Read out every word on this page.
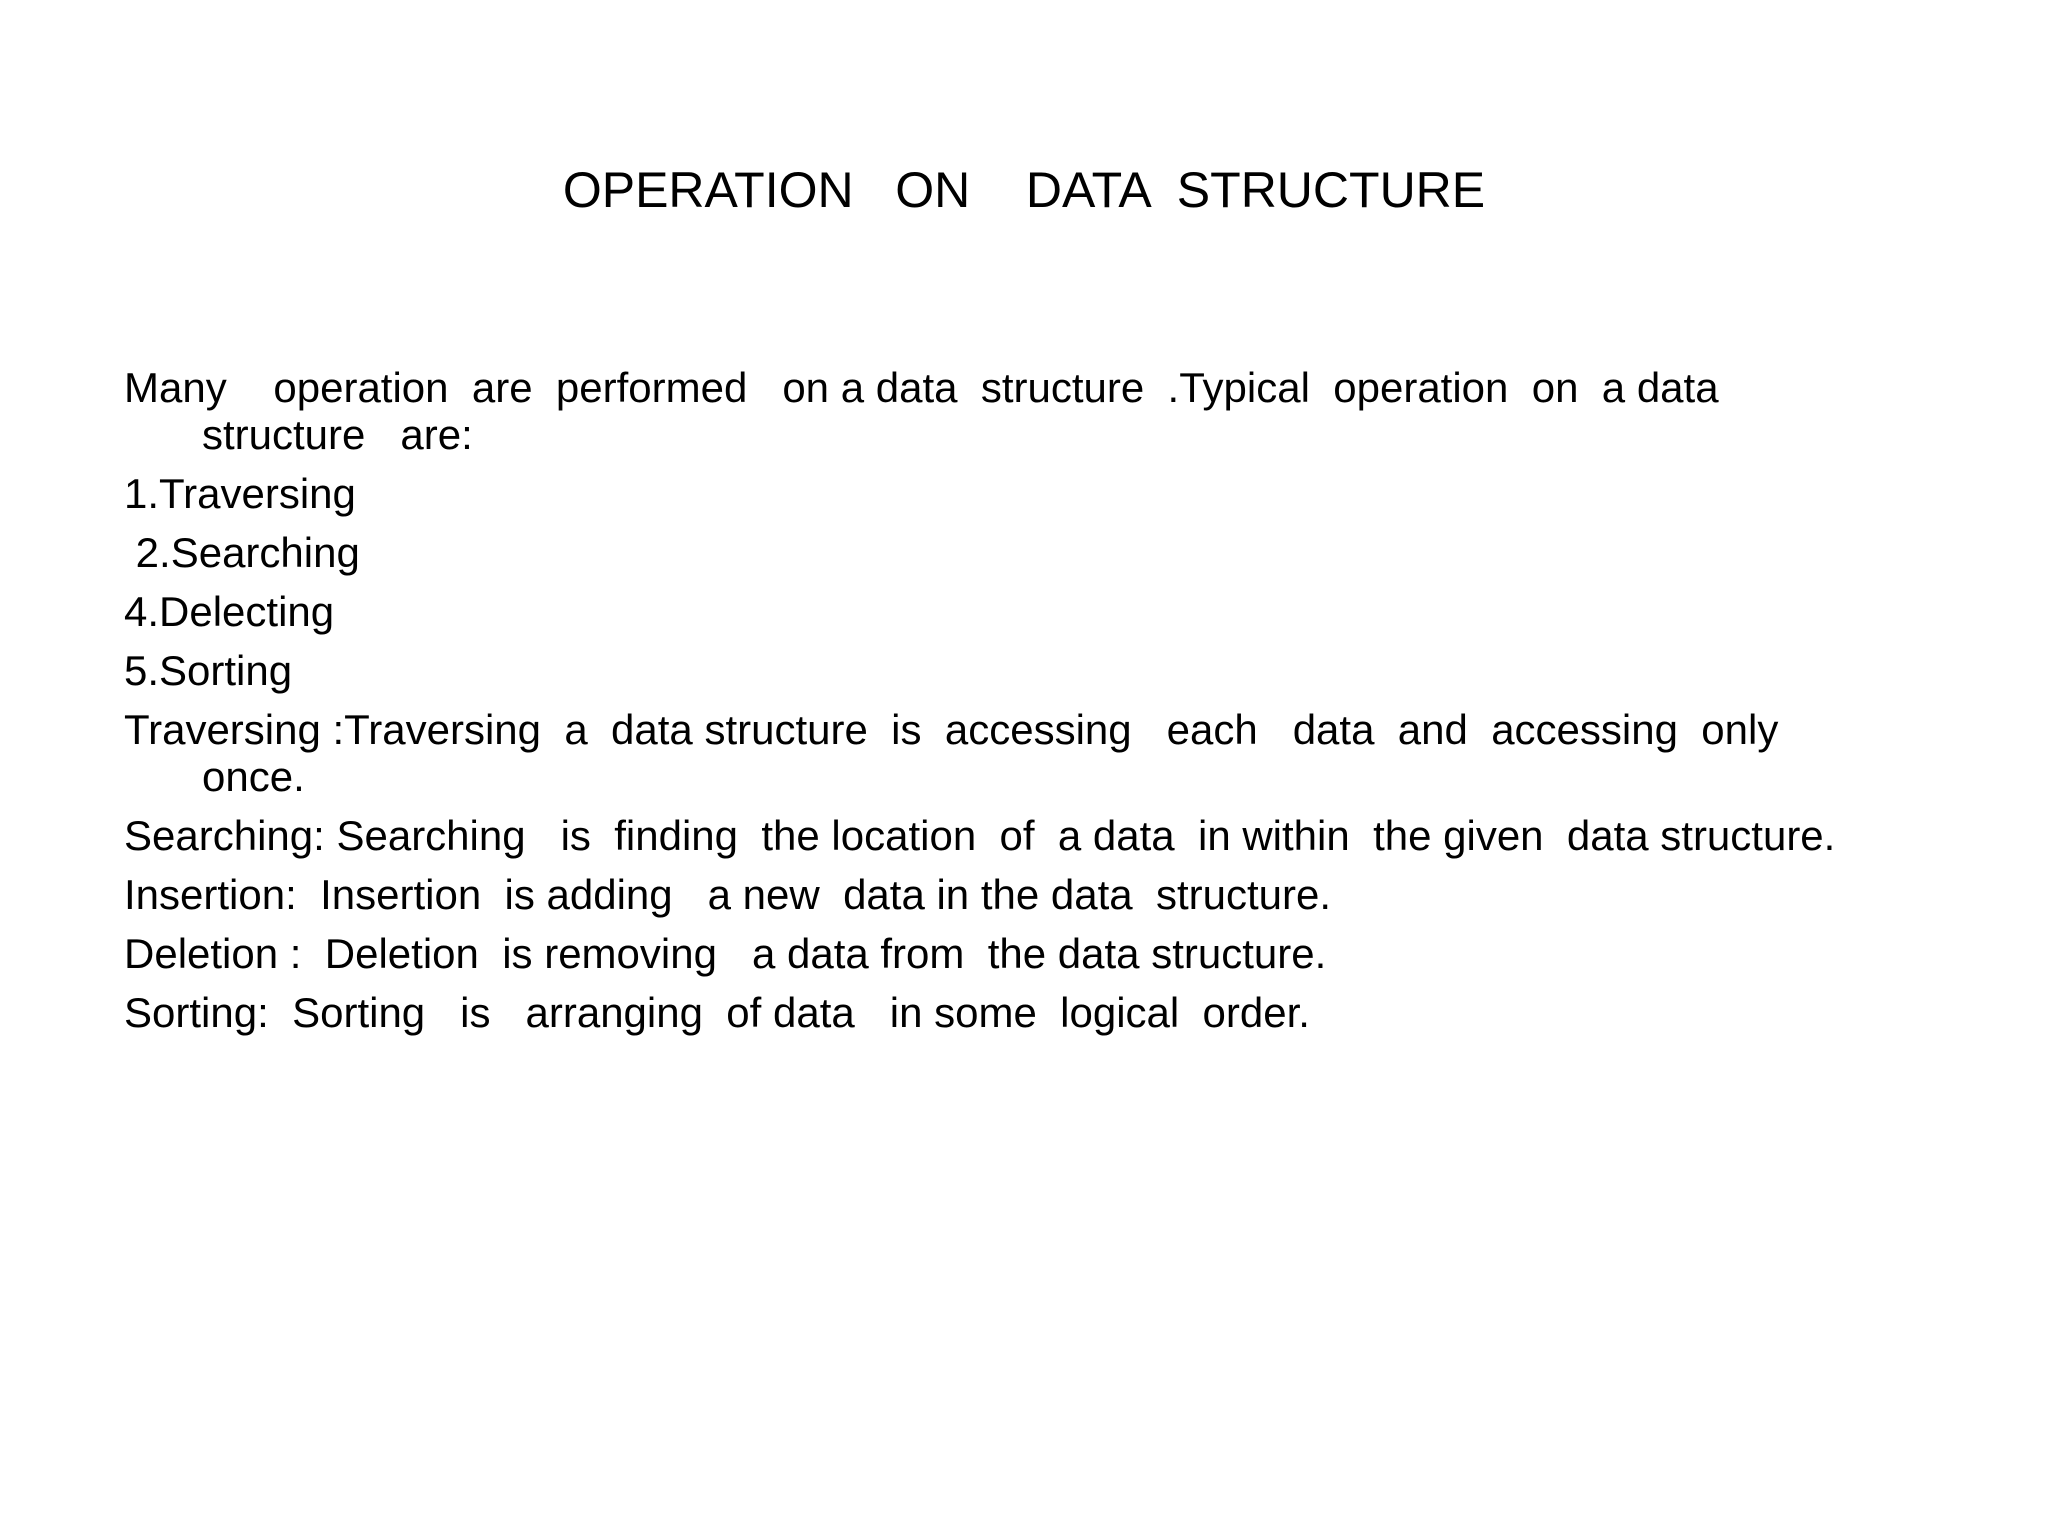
OPERATION   ON    DATA  STRUCTURE

Many    operation  are  performed   on a data  structure  .Typical  operation  on  a data structure   are:

1.Traversing

2.Searching

4.Delecting

5.Sorting

Traversing :Traversing  a  data structure  is  accessing   each   data  and  accessing  only once.

Searching: Searching   is  finding  the location  of  a data  in within  the given  data structure.

Insertion:  Insertion  is adding   a new  data in the data  structure.

Deletion :  Deletion  is removing   a data from  the data structure.

Sorting:  Sorting   is   arranging  of data   in some  logical  order.
